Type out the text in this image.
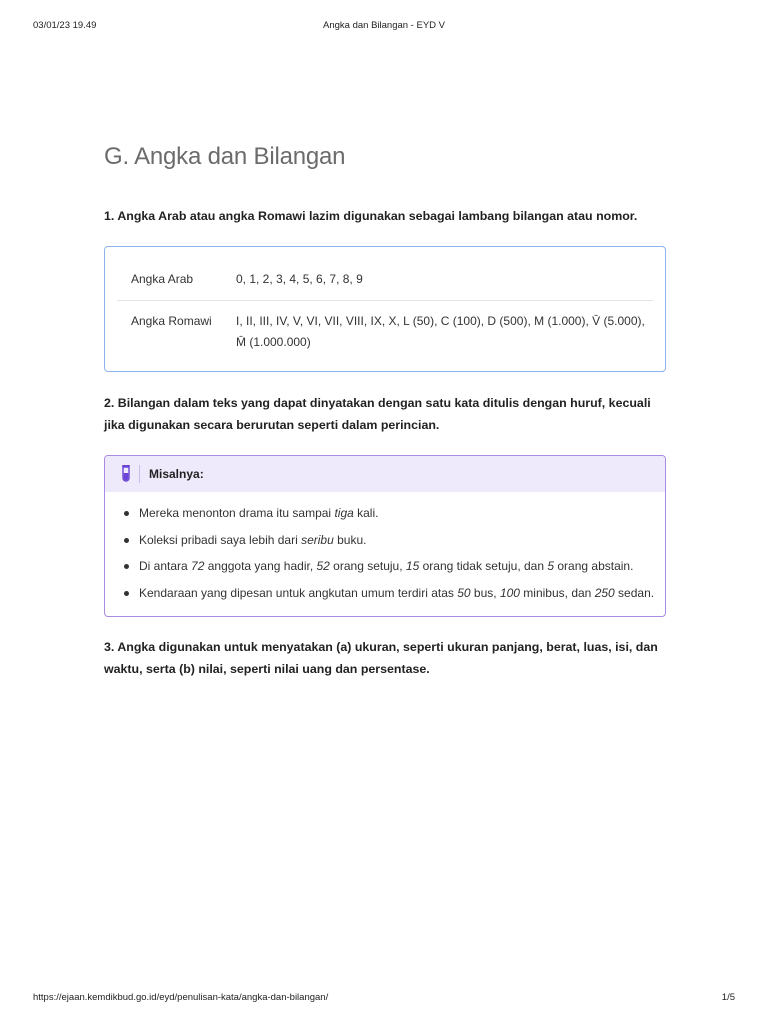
03/01/23 19.49	Angka dan Bilangan - EYD V
G. Angka dan Bilangan

1. Angka Arab atau angka Romawi lazim digunakan sebagai lambang bilangan atau nomor.

Angka Arab	0, 1, 2, 3, 4, 5, 6, 7, 8, 9
Angka Romawi	I, II, III, IV, V, VI, VII, VIII, IX, X, L (50), C (100), D (500), M (1.000), V̄ (5.000), M̄ (1.000.000)

2. Bilangan dalam teks yang dapat dinyatakan dengan satu kata ditulis dengan huruf, kecuali jika digunakan secara berurutan seperti dalam perincian.

Misalnya:
Mereka menonton drama itu sampai tiga kali.
Koleksi pribadi saya lebih dari seribu buku.
Di antara 72 anggota yang hadir, 52 orang setuju, 15 orang tidak setuju, dan 5 orang abstain.
Kendaraan yang dipesan untuk angkutan umum terdiri atas 50 bus, 100 minibus, dan 250 sedan.

3. Angka digunakan untuk menyatakan (a) ukuran, seperti ukuran panjang, berat, luas, isi, dan waktu, serta (b) nilai, seperti nilai uang dan persentase.

https://ejaan.kemdikbud.go.id/eyd/penulisan-kata/angka-dan-bilangan/	1/5
